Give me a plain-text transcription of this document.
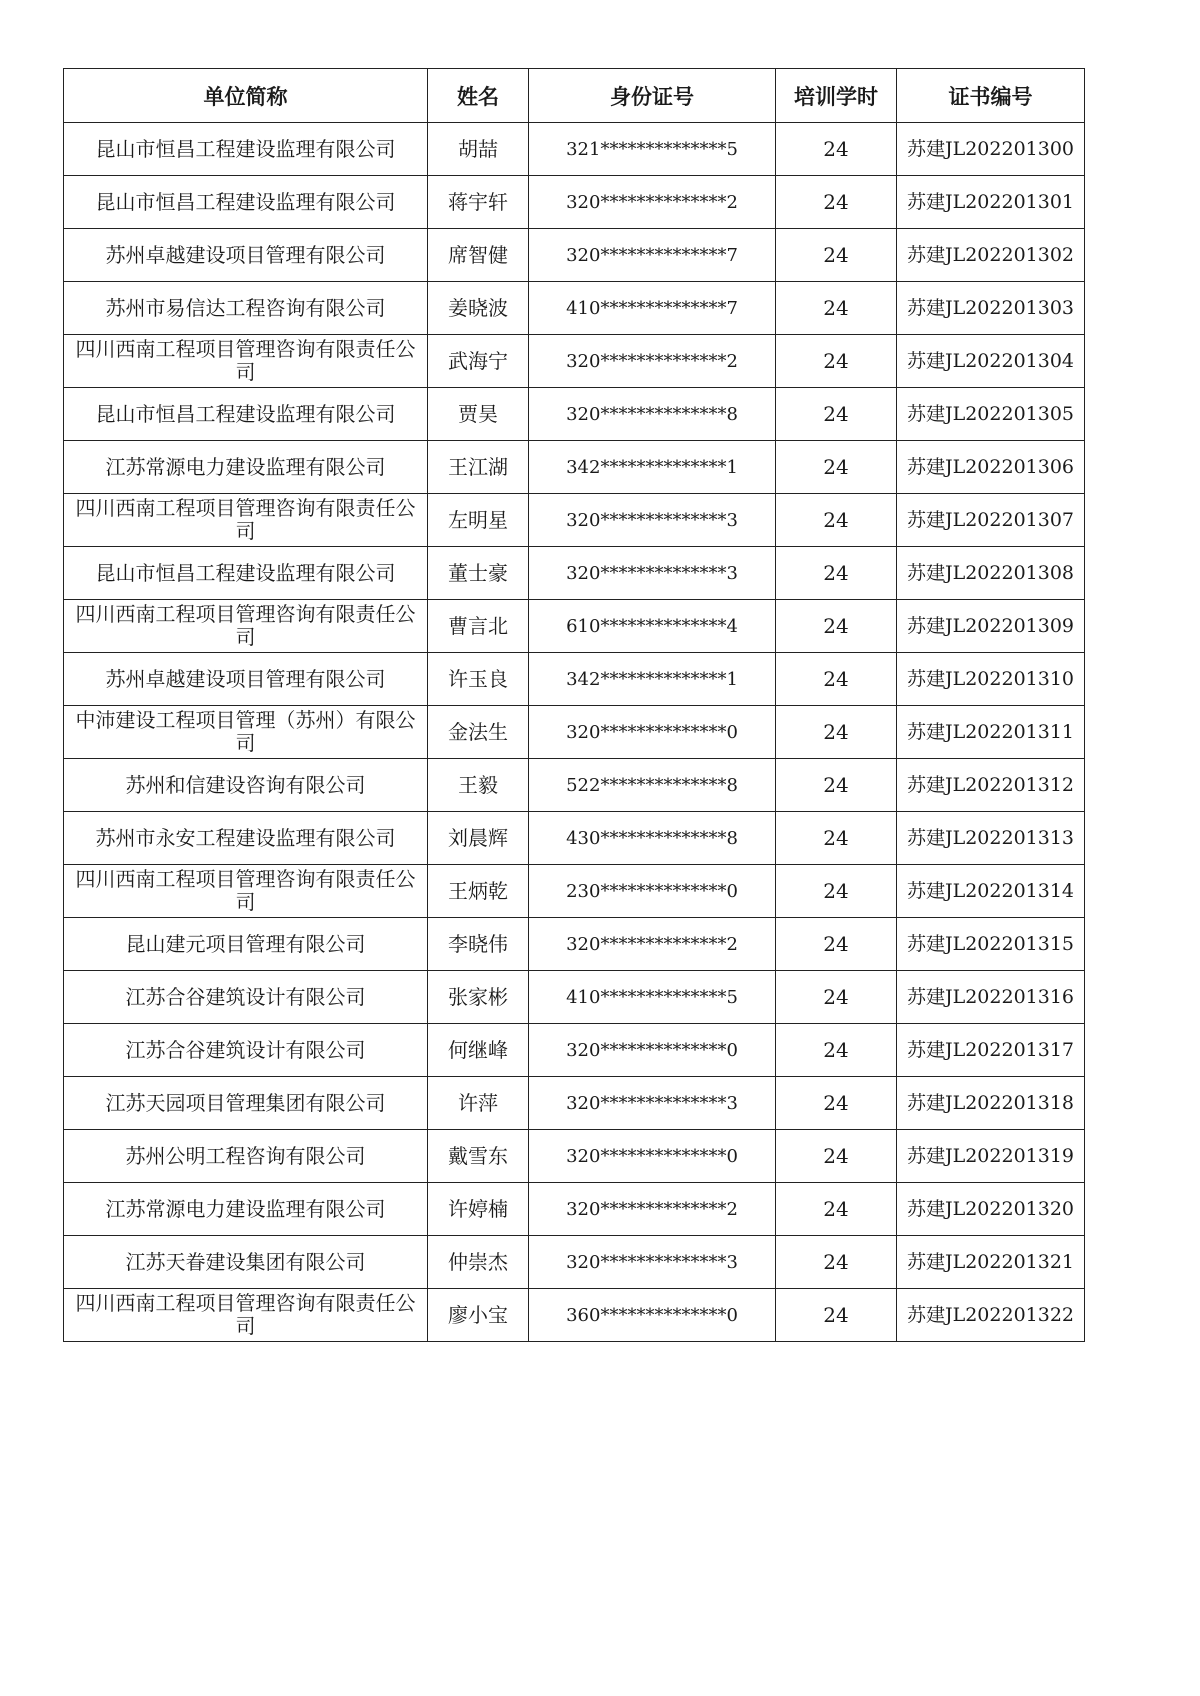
单位简称	姓名	身份证号	培训学时	证书编号
昆山市恒昌工程建设监理有限公司	胡喆	321**************5	24	苏建JL202201300
昆山市恒昌工程建设监理有限公司	蒋宇轩	320**************2	24	苏建JL202201301
苏州卓越建设项目管理有限公司	席智健	320**************7	24	苏建JL202201302
苏州市易信达工程咨询有限公司	姜晓波	410**************7	24	苏建JL202201303
四川西南工程项目管理咨询有限责任公司	武海宁	320**************2	24	苏建JL202201304
昆山市恒昌工程建设监理有限公司	贾昊	320**************8	24	苏建JL202201305
江苏常源电力建设监理有限公司	王江湖	342**************1	24	苏建JL202201306
四川西南工程项目管理咨询有限责任公司	左明星	320**************3	24	苏建JL202201307
昆山市恒昌工程建设监理有限公司	董士豪	320**************3	24	苏建JL202201308
四川西南工程项目管理咨询有限责任公司	曹言北	610**************4	24	苏建JL202201309
苏州卓越建设项目管理有限公司	许玉良	342**************1	24	苏建JL202201310
中沛建设工程项目管理（苏州）有限公司	金法生	320**************0	24	苏建JL202201311
苏州和信建设咨询有限公司	王毅	522**************8	24	苏建JL202201312
苏州市永安工程建设监理有限公司	刘晨辉	430**************8	24	苏建JL202201313
四川西南工程项目管理咨询有限责任公司	王炳乾	230**************0	24	苏建JL202201314
昆山建元项目管理有限公司	李晓伟	320**************2	24	苏建JL202201315
江苏合谷建筑设计有限公司	张家彬	410**************5	24	苏建JL202201316
江苏合谷建筑设计有限公司	何继峰	320**************0	24	苏建JL202201317
江苏天园项目管理集团有限公司	许萍	320**************3	24	苏建JL202201318
苏州公明工程咨询有限公司	戴雪东	320**************0	24	苏建JL202201319
江苏常源电力建设监理有限公司	许婷楠	320**************2	24	苏建JL202201320
江苏天眷建设集团有限公司	仲崇杰	320**************3	24	苏建JL202201321
四川西南工程项目管理咨询有限责任公司	廖小宝	360**************0	24	苏建JL202201322
